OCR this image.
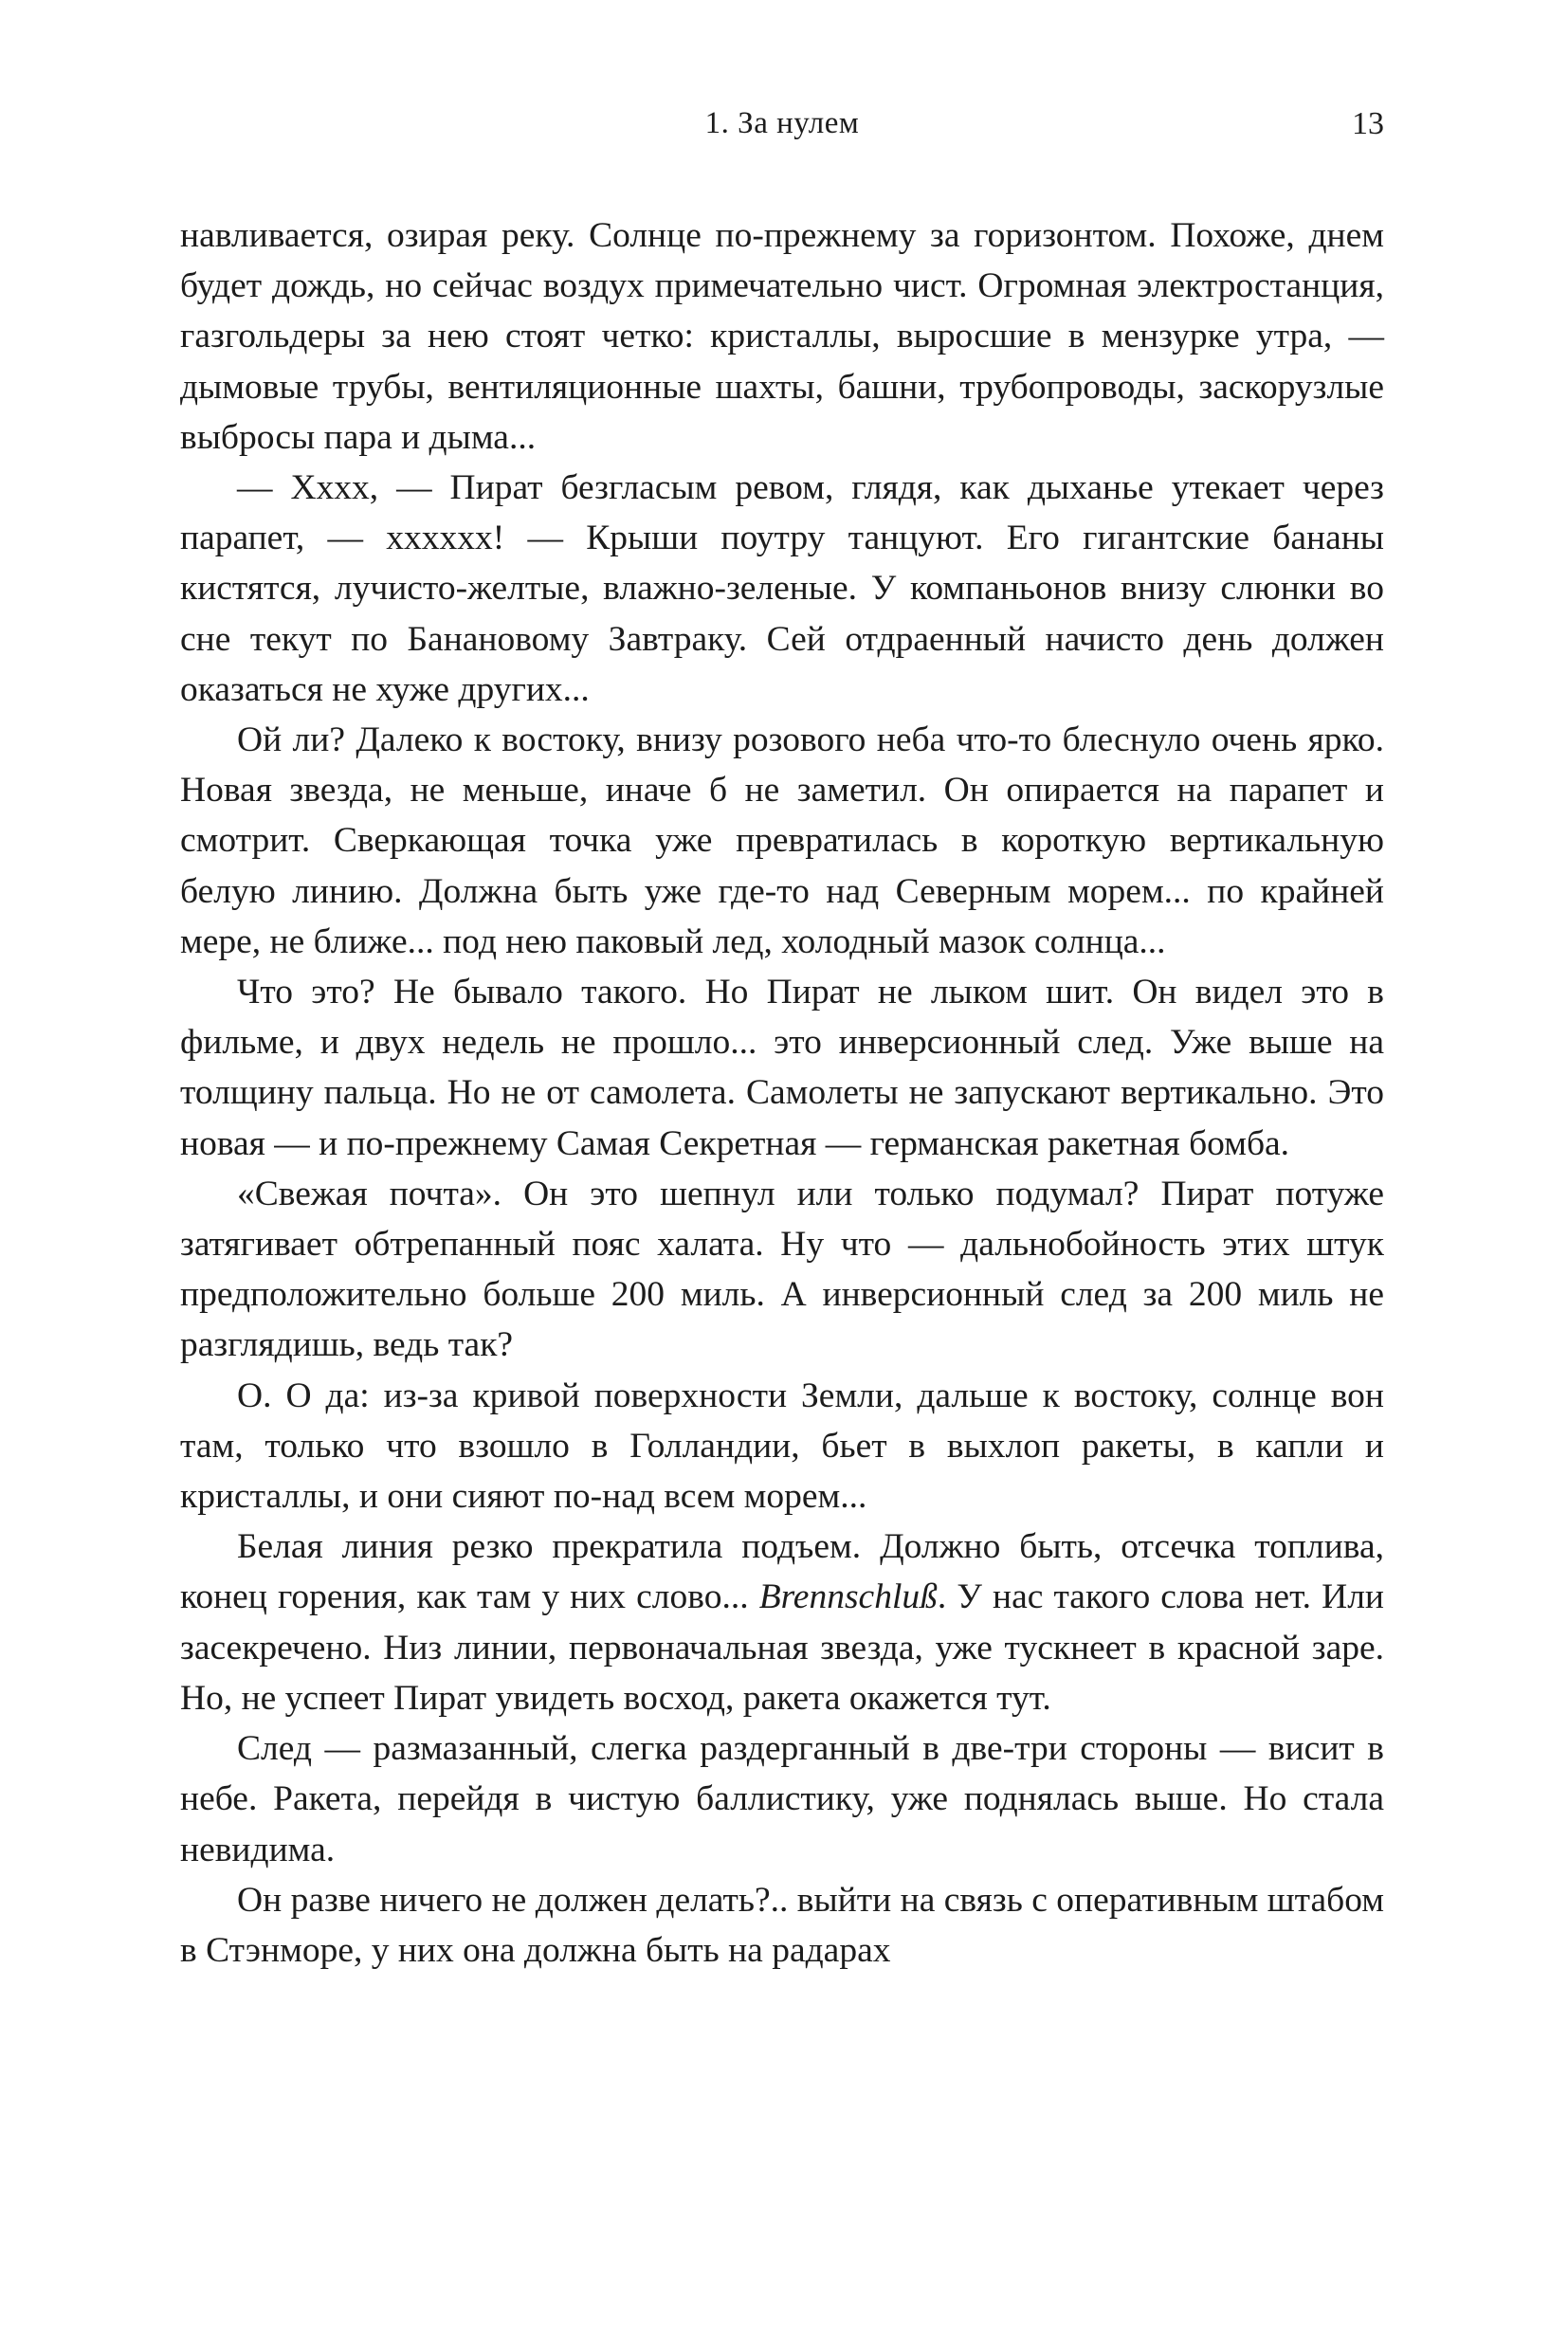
1. За нулем	13

навливается, озирая реку. Солнце по-прежнему за горизонтом. Похоже, днем будет дождь, но сейчас воздух примечательно чист. Огромная электростанция, газгольдеры за нею стоят четко: кристаллы, выросшие в мензурке утра, — дымовые трубы, вентиляционные шахты, башни, трубопроводы, заскорузлые выбросы пара и дыма...

— Хххх, — Пират безгласым ревом, глядя, как дыханье утекает через парапет, — хххххх! — Крыши поутру танцуют. Его гигантские бананы кистятся, лучисто-желтые, влажно-зеленые. У компаньонов внизу слюнки во сне текут по Банановому Завтраку. Сей отдраенный начисто день должен оказаться не хуже других...

Ой ли? Далеко к востоку, внизу розового неба что-то блеснуло очень ярко. Новая звезда, не меньше, иначе б не заметил. Он опирается на парапет и смотрит. Сверкающая точка уже превратилась в короткую вертикальную белую линию. Должна быть уже где-то над Северным морем... по крайней мере, не ближе... под нею паковый лед, холодный мазок солнца...

Что это? Не бывало такого. Но Пират не лыком шит. Он видел это в фильме, и двух недель не прошло... это инверсионный след. Уже выше на толщину пальца. Но не от самолета. Самолеты не запускают вертикально. Это новая — и по-прежнему Самая Секретная — германская ракетная бомба.

«Свежая почта». Он это шепнул или только подумал? Пират потуже затягивает обтрепанный пояс халата. Ну что — дальнобойность этих штук предположительно больше 200 миль. А инверсионный след за 200 миль не разглядишь, ведь так?

О. О да: из-за кривой поверхности Земли, дальше к востоку, солнце вон там, только что взошло в Голландии, бьет в выхлоп ракеты, в капли и кристаллы, и они сияют по-над всем морем...

Белая линия резко прекратила подъем. Должно быть, отсечка топлива, конец горения, как там у них слово... Brennschluß. У нас такого слова нет. Или засекречено. Низ линии, первоначальная звезда, уже тускнеет в красной заре. Но, не успеет Пират увидеть восход, ракета окажется тут.

След — размазанный, слегка раздерганный в две-три стороны — висит в небе. Ракета, перейдя в чистую баллистику, уже поднялась выше. Но стала невидима.

Он разве ничего не должен делать?.. выйти на связь с оперативным штабом в Стэнморе, у них она должна быть на радарах
